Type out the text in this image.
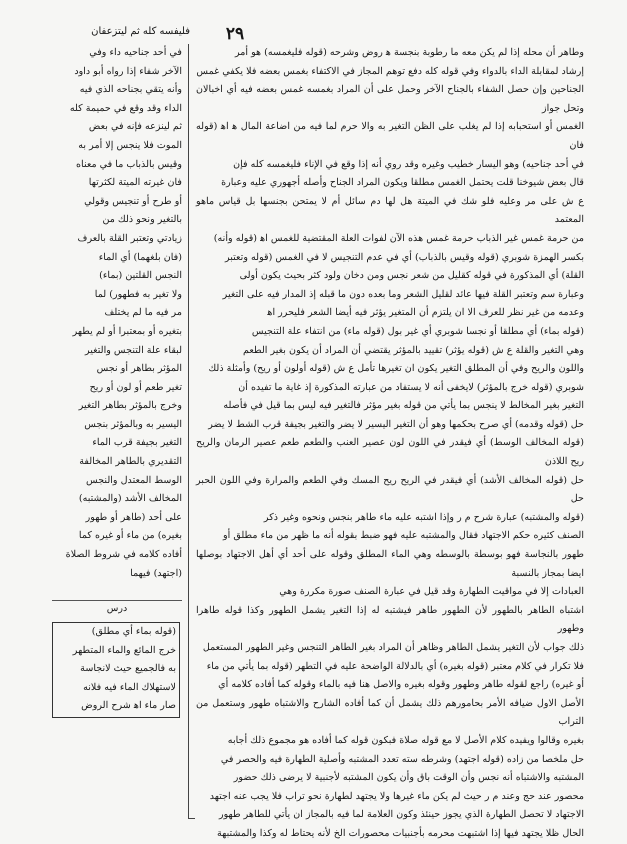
٢٩
فليفسه كله ثم ليتزعفان

وطاهر أن محله إذا لم يكن معه ما رطوبة بنجسة ﻫ روض وشرحه (قوله فليغمسه) هو أمر

إرشاد لمقابلة الداء بالدواء وفي قوله كله دفع توهم المجاز في الاكتفاء بغمس بعضه فلا يكفي غمس

الجناحين وإن حصل الشفاء بالجناح الآخر وحمل على أن المراد بغمسه غمس بعضه فيه أي اخبالان وتحل جواز

الغمس أو استحبابه إذا لم يغلب على الظن التغير به والا حرم لما فيه من اضاعة المال ﻫ ﺍﻫ (قوله فان

في أحد جناحيه) وهو اليسار خطيب وغيره وقد روي أنه إذا وقع في الإناء فليغمسه كله فإن

قال بعض شيوخنا قلت يحتمل الغمس مطلقا ويكون المراد الجناح وأصله أجهوري عليه وعبارة

ع ش على مر وعليه فلو شك في الميتة هل لها دم سائل أم لا يمتحن بجنسها بل قياس ماهو المعتمد

من حرمة غمس غير الذباب حرمة غمس هذه الآن لفوات العلة المقتضية للغمس اﻫ (قوله وأنه)

بكسر الهمزة شوبري (قوله وقيس بالذباب) أي في عدم التنجيس لا في الغمس (قوله وتعتبر

القلة) أي المذكورة في قوله كقليل من شعر نجس ومن دخان ولود كثر بحيث يكون أولى

وعبارة سم وتعتبر القلة فيها عائد لقليل الشعر وما بعده دون ما قبله إذ المدار فيه على التغير

وعدمه من غير نظر للعرف الا ان يلتزم أن المتغير يؤثر فيه أيضا الشعر فليحرر ﺍﻫ

(قوله بماء) أي مطلقا أو نجسا شوبري أي غير بول (قوله ماء) من انتفاء علة التنجيس

وهي التغير والقلة ع ش (قوله يؤثر) تقييد بالمؤثر يقتضي أن المراد أن يكون بغير الطعم

واللون والريح وفي أن المطلق التغير يكون ان تغيرها تأمل ع ش (قوله أولون أو ريح) وأمثلة ذلك

شوبري (قوله خرج بالمؤثر) لايخفى أنه لا يستفاد من عبارته المذكورة إذ غاية ما تفيده أن

التغير بغير المخالط لا ينجس بما يأتي من قوله بغير مؤثر فالتغير فيه ليس بما قيل في فأصله

حل (قوله وقدمه) أي صرح بحكمها وهو أن التغير اليسير لا يضر والتغير بجيفة قرب الشط لا يضر

(قوله المخالف الوسط) أي فيقدر في اللون لون عصير العنب والطعم طعم عصير الرمان والريح ريح اللاذن

حل (قوله المخالف الأشد) أي فيقدر في الريح ريح المسك وفي الطعم والمرارة وفي اللون الحبر حل

(قوله والمشتبه) عبارة شرح م ر وإذا اشتبه عليه ماء طاهر بنجس ونحوه وغير ذكر

الصنف كثيره حكم الاجتهاد فقال والمشتبه عليه فهو ضبط بقوله أنه ما ظهر من ماء مطلق أو

طهور بالنجاسة فهو بوسطة بالوسطه وهي الماء المطلق وقوله على أحد أي أهل الاجتهاد بوصلها ايضا بمجاز بالنسبة

العبادات إلا في مواقيت الطهارة وقد قيل في عبارة الصنف صورة مكررة وهي

اشتباه الطاهر بالطهور لأن الطهور طاهر فيشتبه له إذا التغير يشمل الطهور وكذا قوله طاهرا وطهور

ذلك جواب لأن التغير يشمل الطاهر وظاهر أن المراد بغير الطاهر التنجس وغير الطهور المستعمل

فلا تكرار في كلام معتبر (قوله بغيره) أي بالدلالة الواضحة عليه في التطهر (قوله بما يأتي من ماء

أو غيره) راجع لقوله طاهر وطهور وقوله بغيره والاصل هنا فيه بالماء وقوله كما أفاده كلامه أي

الأصل الاول ضيافه الأمر بحامورهم ذلك يشمل أن كما أفاده الشارح والاشتباه طهور وستعمل من التراب

بغيره وقالوا ويفيده كلام الأصل لا مع قوله صلاة فبكون قوله كما أفاده هو مجموع ذلك أجابه

حل ملخصا من زاده (قوله اجتهد) وشرطه سته تعدد المشتبه وأصلية الطهارة فيه والحصر في

المشتبه والاشتباه أنه نجس وأن الوقت باق وأن يكون المشتبه لأجنبية لا يرضى ذلك حضور

محصور عند حج وعند م ر حيث لم يكن ماء غيرها ولا يجتهد لطهارة نحو تراب فلا يجب عنه اجتهد

الاجتهاد لا تحصل الطهارة الذي يجوز حينئذ وكون العلامة لما فيه بالمجاز ان يأتي للطاهر طهور

الحال ظلا يجتهد فيها إذا اشتبهت محرمه بأجنبيات محصورات الخ لأنه يحتاط له وكذا والمشتبهة

في أحد جناحيه داء وفي

الآخر شفاء إذا رواه أبو داود

وأنه يتقي بجناحه الذي فيه

الداء وقد وقع في حميمة كله

ثم لينزعه فإنه في بعض

الموت فلا ينجس إلا أمر به

وقيس بالذباب ما في معناه

فان غيرته الميتة لكثرتها

أو طرح أو تنجيس وقولي

بالتغير ونحو ذلك من

زيادتي وتعتبر القلة بالعرف

(فان بلغهما) أي الماء

النجس القلتين (بماء)

ولا تغير به فطهور) لما

مر فيه ما لم يختلف

بتغيره أو بمعتبرا أو لم يطهر

لبقاء علة التنجس والتغير

المؤثر بطاهر أو نجس

تغير طعم أو لون أو ريح

وخرج بالمؤثر بطاهر التغير

اليسير به وبالمؤثر بنجس

التغير بجيفة قرب الماء

التقديري بالطاهر المخالفة

الوسط المعتدل والنجس

المخالف الأشد (والمشتبه)

على أحد (طاهر أو طهور

بغيره) من ماء أو غيره كما

أفاده كلامه في شروط الصلاة

(اجتهد) فيهما

درس

(قوله بماء أي مطلق)

خرج المائع والماء المتطهر

به فالجميع حيث لانجاسة

لاستهلاك الماء فيه فلانه

صار ماء اﻫ شرح الروض
